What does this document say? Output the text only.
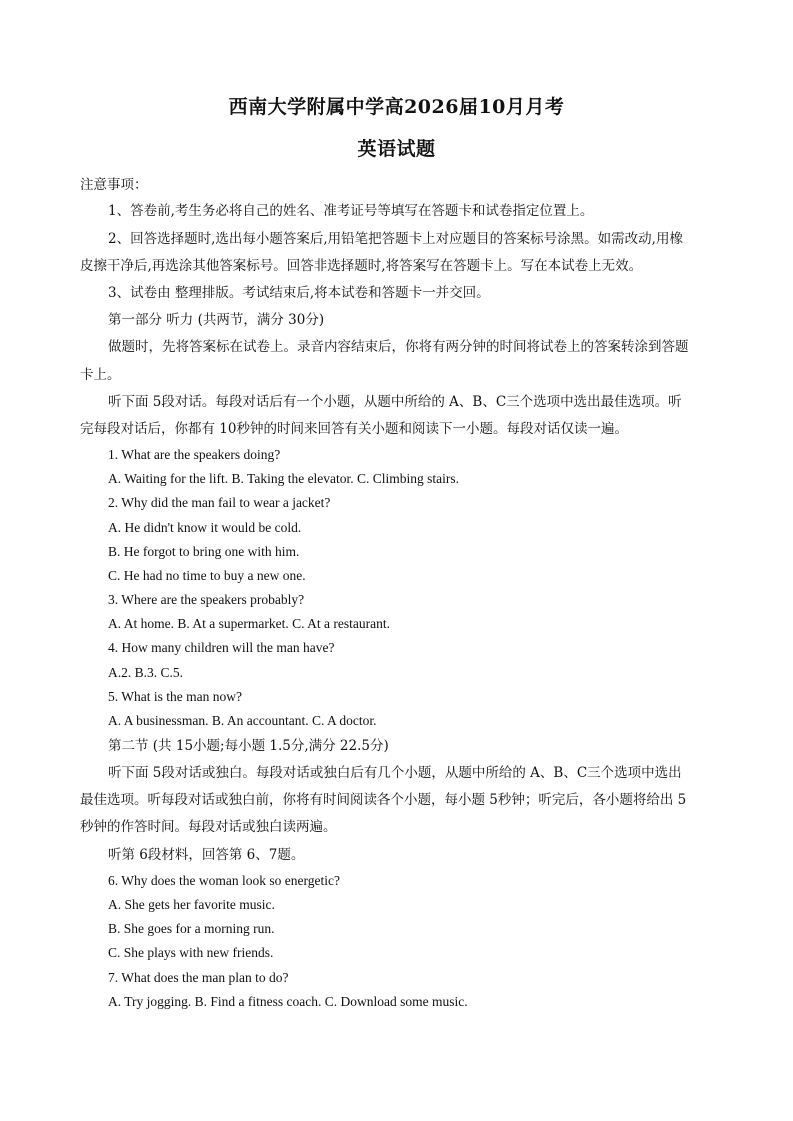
西南大学附属中学高2026届10月月考
英语试题
注意事项：
1、答卷前,考生务必将自己的姓名、准考证号等填写在答题卡和试卷指定位置上。
2、回答选择题时,选出每小题答案后,用铅笔把答题卡上对应题目的答案标号涂黑。如需改动,用橡
皮擦干净后,再选涂其他答案标号。回答非选择题时,将答案写在答题卡上。写在本试卷上无效。
3、试卷由 整理排版。考试结束后,将本试卷和答题卡一并交回。
第一部分 听力 (共两节，满分 30分)
做题时，先将答案标在试卷上。录音内容结束后，你将有两分钟的时间将试卷上的答案转涂到答题
卡上。
听下面 5段对话。每段对话后有一个小题，从题中所给的 A、B、C三个选项中选出最佳选项。听
完每段对话后，你都有 10秒钟的时间来回答有关小题和阅读下一小题。每段对话仅读一遍。
1. What are the speakers doing?
A. Waiting for the lift. B. Taking the elevator. C. Climbing stairs.
2. Why did the man fail to wear a jacket?
A. He didn't know it would be cold.
B. He forgot to bring one with him.
C. He had no time to buy a new one.
3. Where are the speakers probably?
A. At home. B. At a supermarket. C. At a restaurant.
4. How many children will the man have?
A.2. B.3. C.5.
5. What is the man now?
A. A businessman. B. An accountant. C. A doctor.
第二节 (共 15小题;每小题 1.5分,满分 22.5分)
听下面 5段对话或独白。每段对话或独白后有几个小题，从题中所给的 A、B、C三个选项中选出
最佳选项。听每段对话或独白前，你将有时间阅读各个小题，每小题 5秒钟；听完后，各小题将给出 5
秒钟的作答时间。每段对话或独白读两遍。
听第 6段材料，回答第 6、7题。
6. Why does the woman look so energetic?
A. She gets her favorite music.
B. She goes for a morning run.
C. She plays with new friends.
7. What does the man plan to do?
A. Try jogging. B. Find a fitness coach. C. Download some music.
